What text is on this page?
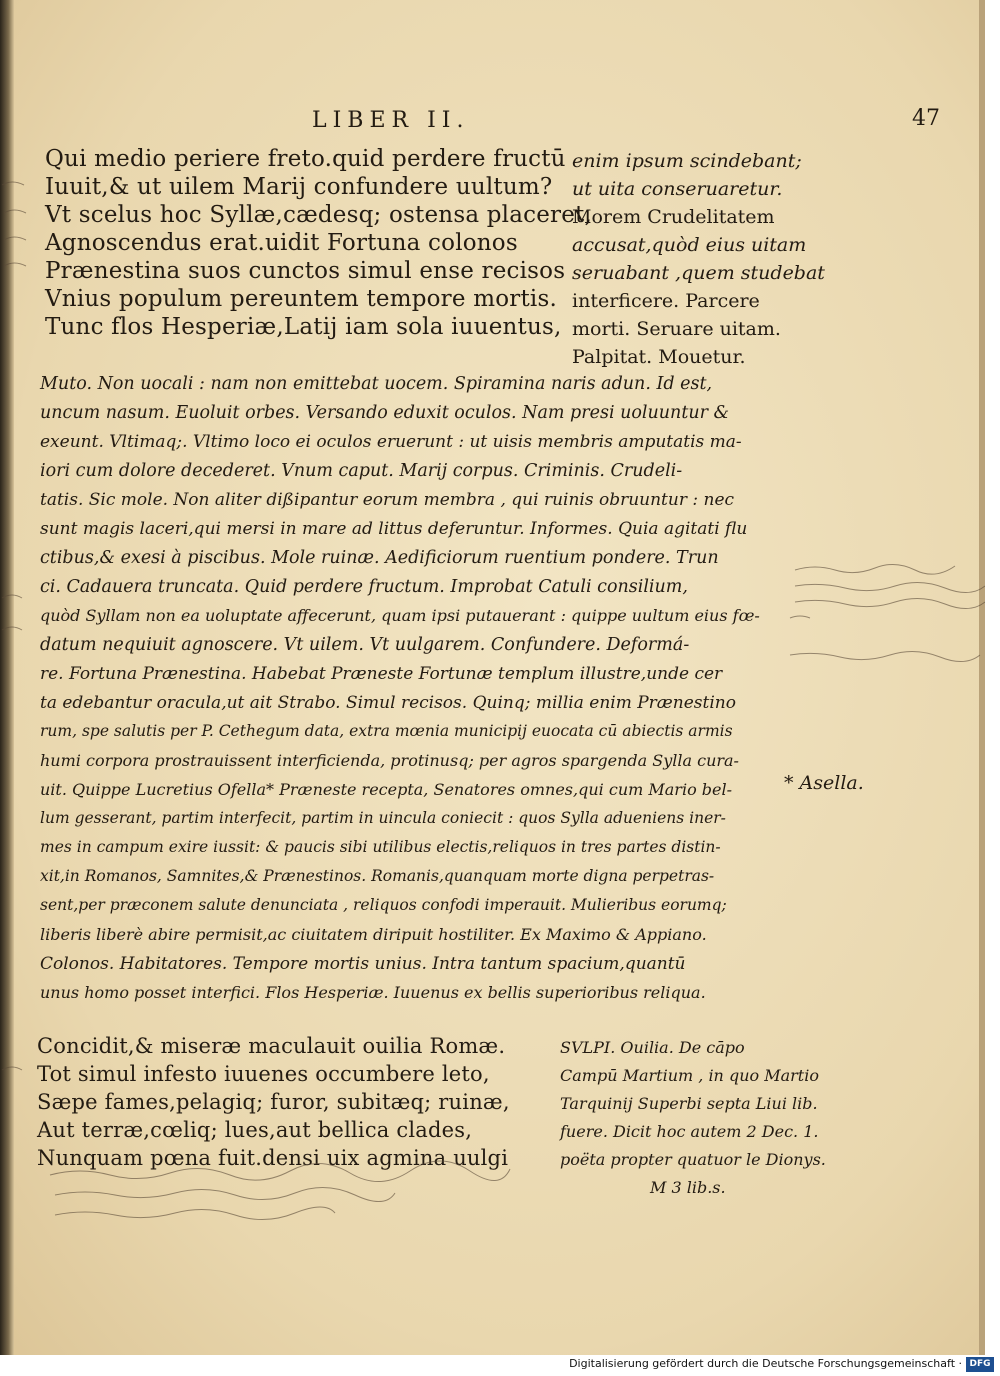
LIBER II.	47
Qui medio periere freto.quid perdere fructū
Iuuit,& ut uilem Marij confundere uultum?
Vt scelus hoc Syllæ,cædesq; ostensa placeret,
Agnoscendus erat.uidit Fortuna colonos
Prænestina suos cunctos simul ense recisos
Vnius populum pereuntem tempore mortis.
Tunc flos Hesperiæ,Latij iam sola iuuentus,
enim ipsum scindebant;
ut uita conseruaretur.
Morem Crudelitatem
accusat,quòd eius uitam
seruabant ,quem studebat
interficere. Parcere
morti. Seruare uitam.
Palpitat. Mouetur.
Muto. Non uocali : nam non emittebat uocem. Spiramina naris adun. Id est,
uncum nasum. Euoluit orbes. Versando eduxit oculos. Nam presi uoluuntur &
exeunt. Vltimaq;. Vltimo loco ei oculos eruerunt : ut uisis membris amputatis ma-
iori cum dolore decederet. Vnum caput. Marij corpus. Criminis. Crudeli-
tatis. Sic mole. Non aliter dißipantur eorum membra , qui ruinis obruuntur : nec
sunt magis laceri,qui mersi in mare ad littus deferuntur. Informes. Quia agitati flu
ctibus,& exesi à piscibus. Mole ruinæ. Aedificiorum ruentium pondere. Trun
ci. Cadauera truncata. Quid perdere fructum. Improbat Catuli consilium,
quòd Syllam non ea uoluptate affecerunt, quam ipsi putauerant : quippe uultum eius fœ-
datum nequiuit agnoscere. Vt uilem. Vt uulgarem. Confundere. Deformá-
re. Fortuna Prænestina. Habebat Præneste Fortunæ templum illustre,unde cer
ta edebantur oracula,ut ait Strabo. Simul recisos. Quinq; millia enim Prænestino
rum, spe salutis per P. Cethegum data, extra mœnia municipij euocata cū abiectis armis
humi corpora prostrauissent interficienda, protinusq; per agros spargenda Sylla cura-
uit. Quippe Lucretius Ofella* Præneste recepta, Senatores omnes,qui cum Mario bel-
lum gesserant, partim interfecit, partim in uincula coniecit : quos Sylla adueniens iner-
mes in campum exire iussit: & paucis sibi utilibus electis,reliquos in tres partes distin-
xit,in Romanos, Samnites,& Prænestinos. Romanis,quanquam morte digna perpetras-
sent,per præconem salute denunciata , reliquos confodi imperauit. Mulieribus eorumq;
liberis liberè abire permisit,ac ciuitatem diripuit hostiliter. Ex Maximo & Appiano.
Colonos. Habitatores. Tempore mortis unius. Intra tantum spacium,quantū
unus homo posset interfici. Flos Hesperiæ. Iuuenus ex bellis superioribus reliqua.
* Asella.
Concidit,& miseræ maculauit ouilia Romæ.
Tot simul infesto iuuenes occumbere leto,
Sæpe fames,pelagiq; furor, subitæq; ruinæ,
Aut terræ,cœliq; lues,aut bellica clades,
Nunquam pœna fuit.densi uix agmina uulgi
SVLPI. Ouilia. De cāpo
Campū Martium , in quo Martio
Tarquinij Superbi septa Liui lib.
fuere. Dicit hoc autem 2 Dec. 1.
poëta propter quatuor le Dionys.
M 3 lib.s.
Digitalisierung gefördert durch die Deutsche Forschungsgemeinschaft · DFG
